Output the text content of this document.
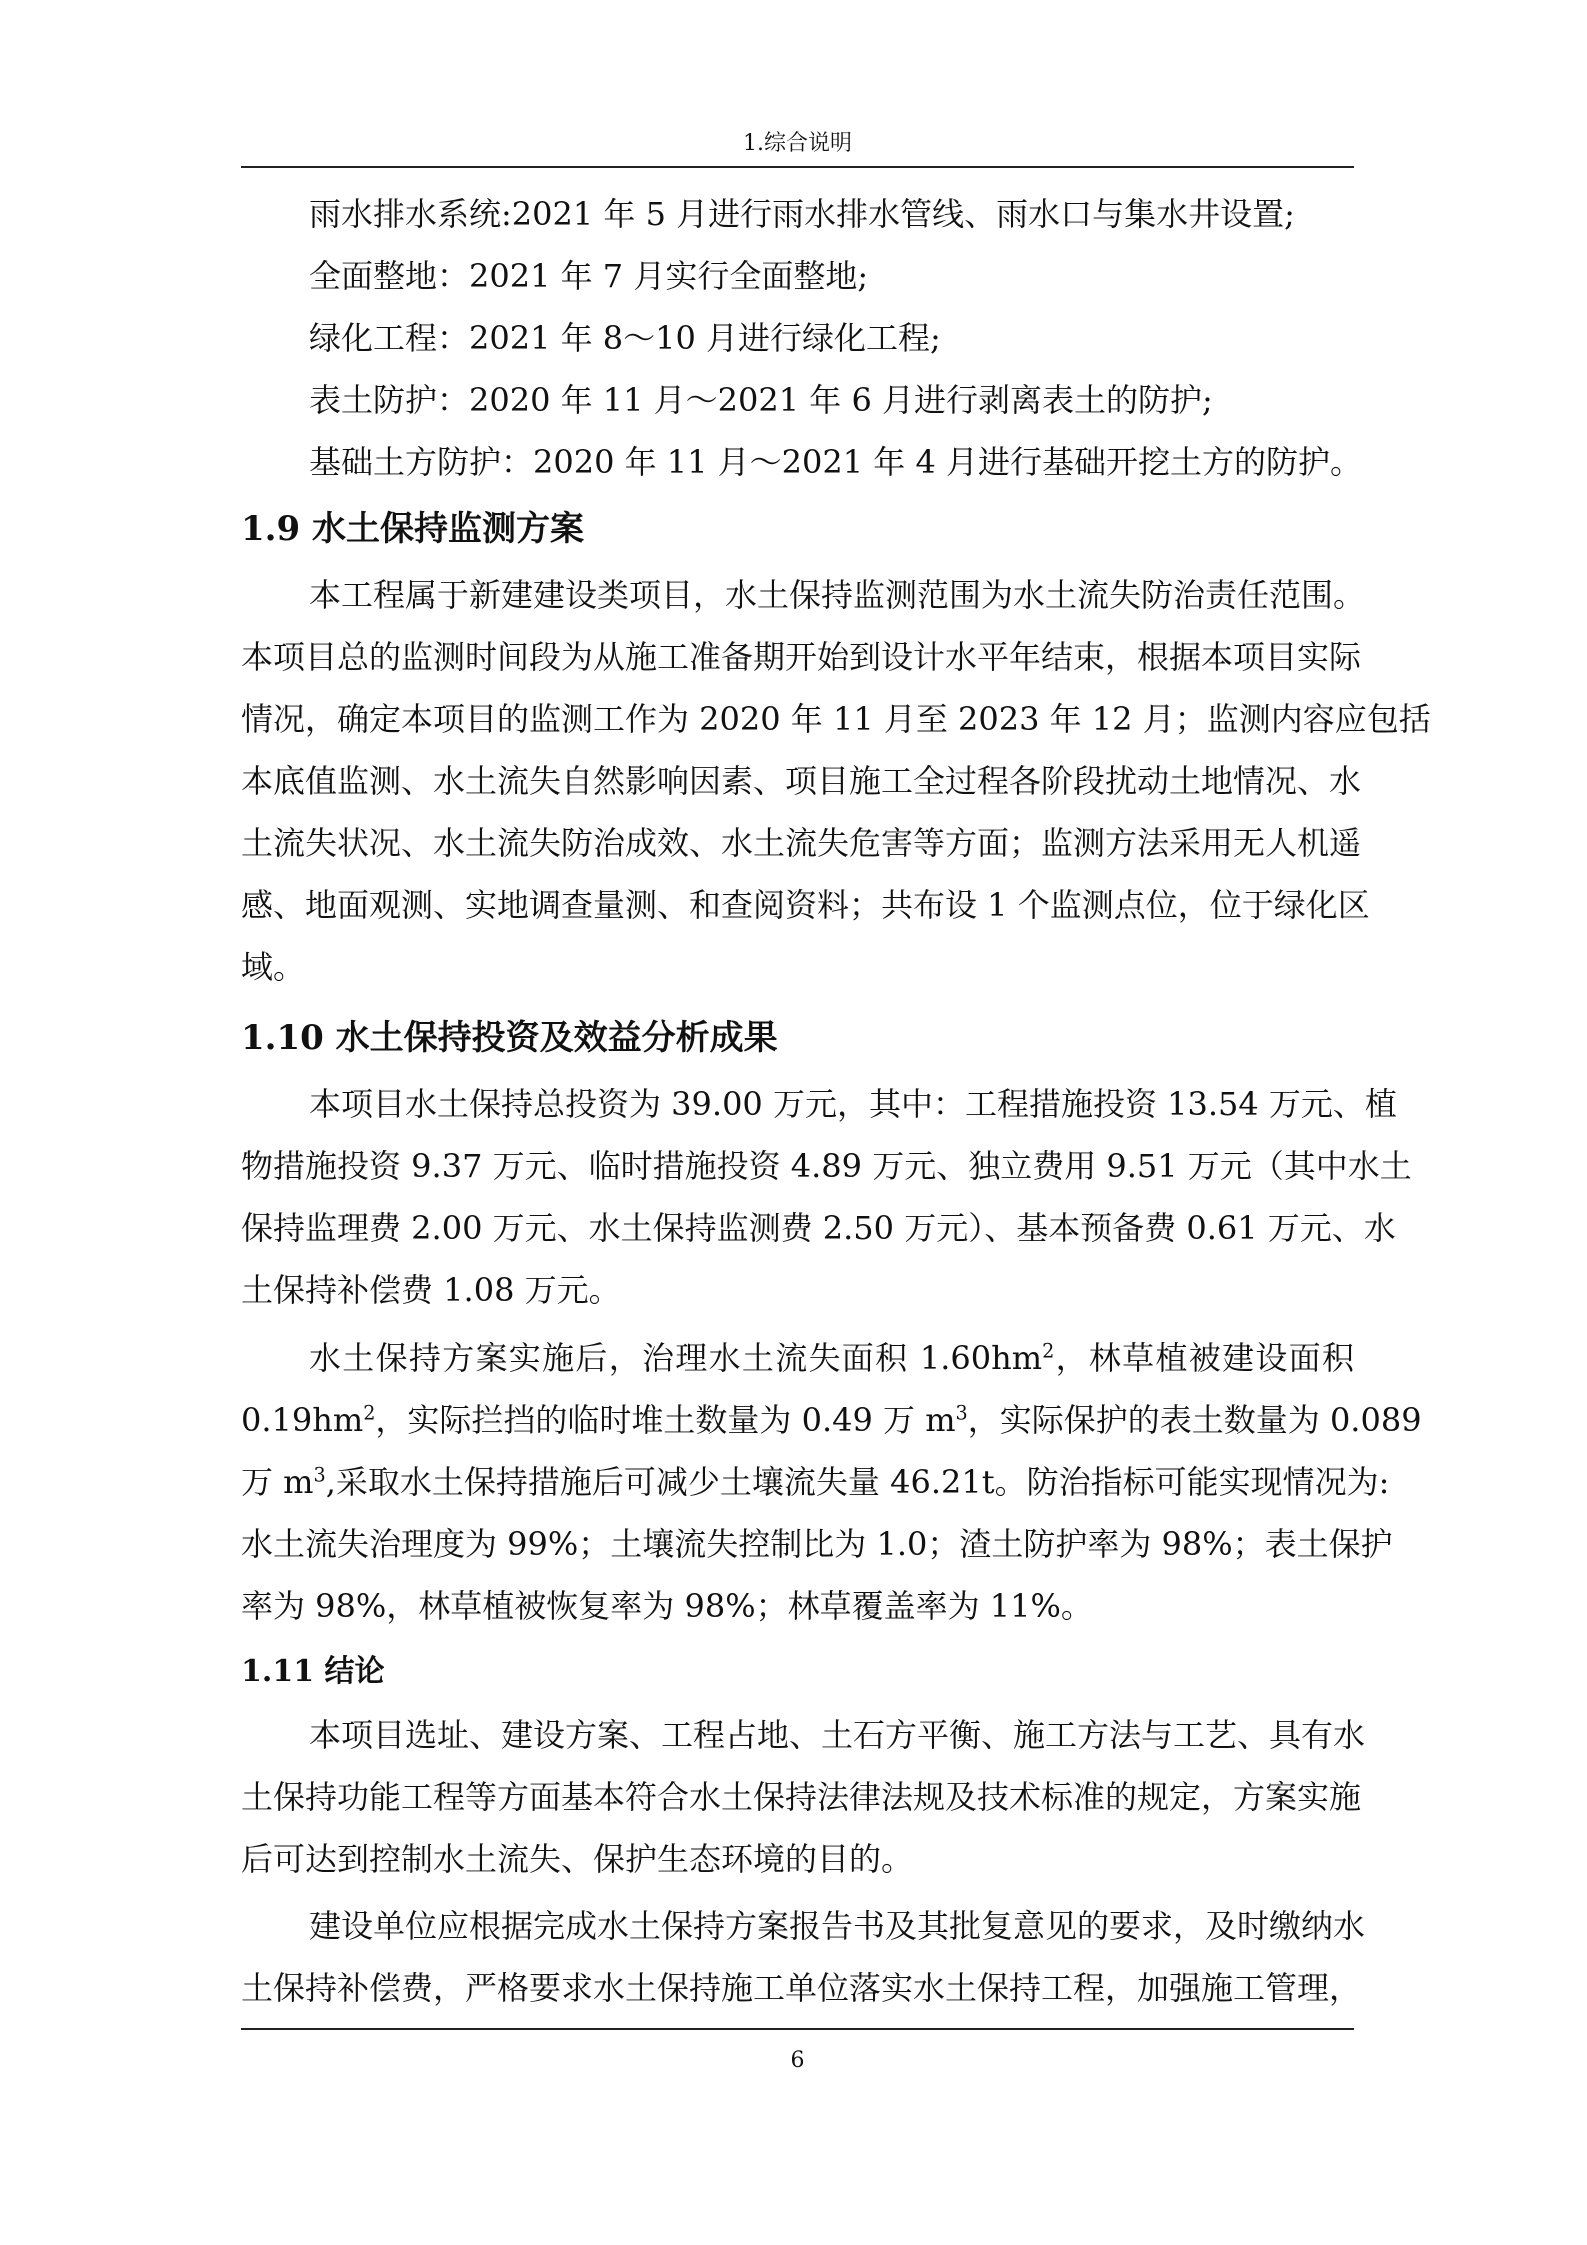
1.综合说明
雨水排水系统:2021 年 5 月进行雨水排水管线、雨水口与集水井设置;
全面整地：2021 年 7 月实行全面整地;
绿化工程：2021 年 8～10 月进行绿化工程;
表土防护：2020 年 11 月～2021 年 6 月进行剥离表土的防护;
基础土方防护：2020 年 11 月～2021 年 4 月进行基础开挖土方的防护。
1.9 水土保持监测方案
本工程属于新建建设类项目，水土保持监测范围为水土流失防治责任范围。
本项目总的监测时间段为从施工准备期开始到设计水平年结束，根据本项目实际
情况，确定本项目的监测工作为 2020 年 11 月至 2023 年 12 月；监测内容应包括
本底值监测、水土流失自然影响因素、项目施工全过程各阶段扰动土地情况、水
土流失状况、水土流失防治成效、水土流失危害等方面；监测方法采用无人机遥
感、地面观测、实地调查量测、和查阅资料；共布设 1 个监测点位，位于绿化区
域。
1.10 水土保持投资及效益分析成果
本项目水土保持总投资为 39.00 万元，其中：工程措施投资 13.54 万元、植
物措施投资 9.37 万元、临时措施投资 4.89 万元、独立费用 9.51 万元（其中水土
保持监理费 2.00 万元、水土保持监测费 2.50 万元）、基本预备费 0.61 万元、水
土保持补偿费 1.08 万元。
水土保持方案实施后，治理水土流失面积 $1.60hm^2$，林草植被建设面积
$0.19hm^2$，实际拦挡的临时堆土数量为 0.49 万 $m^3$，实际保护的表土数量为 0.089
万 $m^3$,采取水土保持措施后可减少土壤流失量 46.21t。防治指标可能实现情况为:
水土流失治理度为 99%；土壤流失控制比为 1.0；渣土防护率为 98%；表土保护
率为 98%，林草植被恢复率为 98%；林草覆盖率为 11%。
1.11 结论
本项目选址、建设方案、工程占地、土石方平衡、施工方法与工艺、具有水
土保持功能工程等方面基本符合水土保持法律法规及技术标准的规定，方案实施
后可达到控制水土流失、保护生态环境的目的。
建设单位应根据完成水土保持方案报告书及其批复意见的要求，及时缴纳水
土保持补偿费，严格要求水土保持施工单位落实水土保持工程，加强施工管理，
6
